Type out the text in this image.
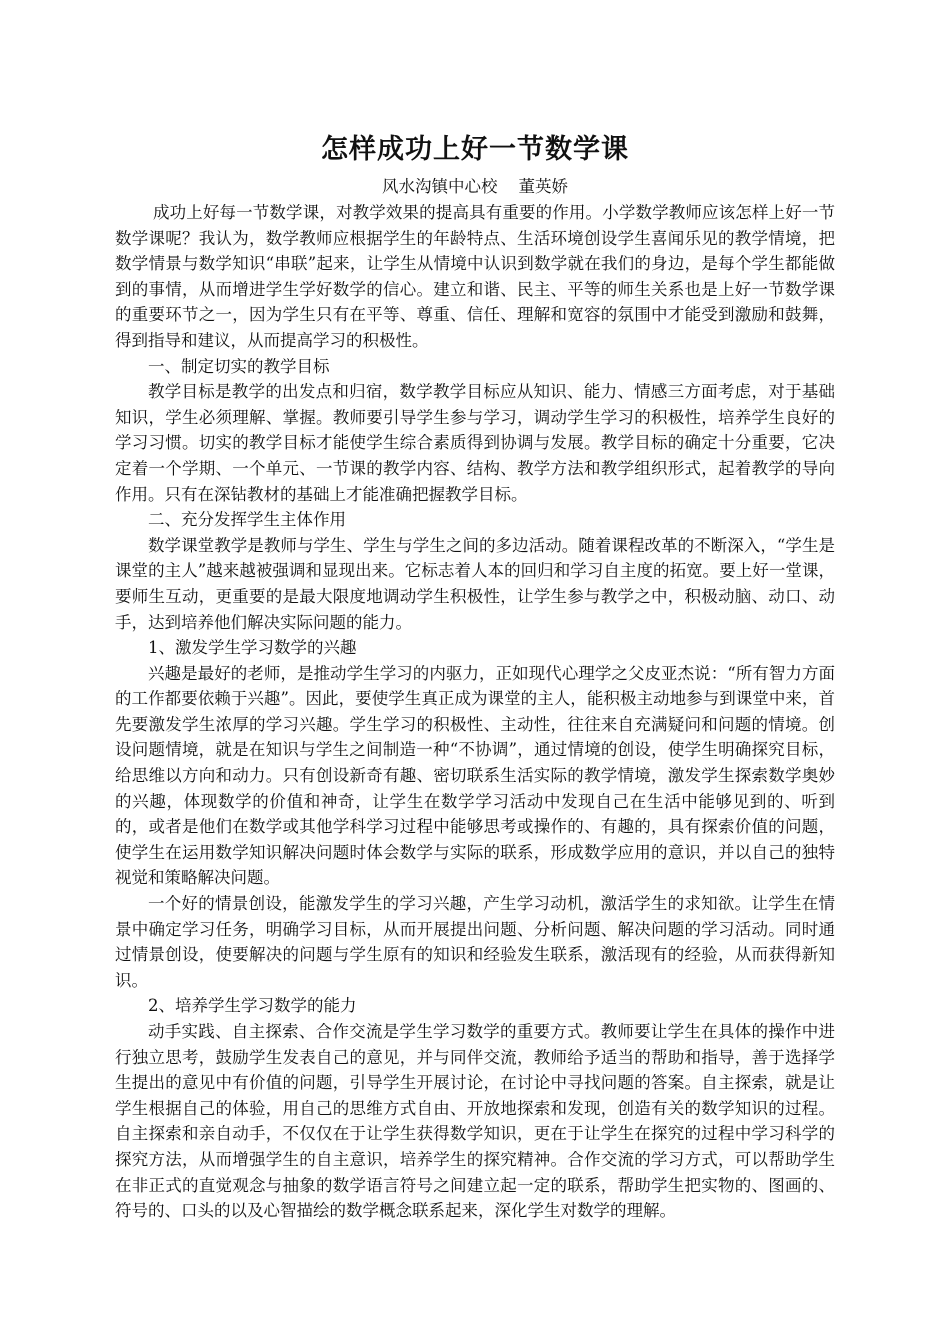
怎样成功上好一节数学课

风水沟镇中心校    董英娇

成功上好每一节数学课，对教学效果的提高具有重要的作用。小学数学教师应该怎样上好一节数学课呢？我认为，数学教师应根据学生的年龄特点、生活环境创设学生喜闻乐见的教学情境，把数学情景与数学知识“串联”起来，让学生从情境中认识到数学就在我们的身边，是每个学生都能做到的事情，从而增进学生学好数学的信心。建立和谐、民主、平等的师生关系也是上好一节数学课的重要环节之一，因为学生只有在平等、尊重、信任、理解和宽容的氛围中才能受到激励和鼓舞，得到指导和建议，从而提高学习的积极性。

一、制定切实的教学目标

教学目标是教学的出发点和归宿，数学教学目标应从知识、能力、情感三方面考虑，对于基础知识，学生必须理解、掌握。教师要引导学生参与学习，调动学生学习的积极性，培养学生良好的学习习惯。切实的教学目标才能使学生综合素质得到协调与发展。教学目标的确定十分重要，它决定着一个学期、一个单元、一节课的教学内容、结构、教学方法和教学组织形式，起着教学的导向作用。只有在深钻教材的基础上才能准确把握教学目标。

二、充分发挥学生主体作用

数学课堂教学是教师与学生、学生与学生之间的多边活动。随着课程改革的不断深入，“学生是课堂的主人”越来越被强调和显现出来。它标志着人本的回归和学习自主度的拓宽。要上好一堂课，要师生互动，更重要的是最大限度地调动学生积极性，让学生参与教学之中，积极动脑、动口、动手，达到培养他们解决实际问题的能力。

1、激发学生学习数学的兴趣

兴趣是最好的老师，是推动学生学习的内驱力，正如现代心理学之父皮亚杰说：“所有智力方面的工作都要依赖于兴趣”。因此，要使学生真正成为课堂的主人，能积极主动地参与到课堂中来，首先要激发学生浓厚的学习兴趣。学生学习的积极性、主动性，往往来自充满疑问和问题的情境。创设问题情境，就是在知识与学生之间制造一种“不协调”，通过情境的创设，使学生明确探究目标，给思维以方向和动力。只有创设新奇有趣、密切联系生活实际的教学情境，激发学生探索数学奥妙的兴趣，体现数学的价值和神奇，让学生在数学学习活动中发现自己在生活中能够见到的、听到的，或者是他们在数学或其他学科学习过程中能够思考或操作的、有趣的，具有探索价值的问题，使学生在运用数学知识解决问题时体会数学与实际的联系，形成数学应用的意识，并以自己的独特视觉和策略解决问题。

一个好的情景创设，能激发学生的学习兴趣，产生学习动机，激活学生的求知欲。让学生在情景中确定学习任务，明确学习目标，从而开展提出问题、分析问题、解决问题的学习活动。同时通过情景创设，使要解决的问题与学生原有的知识和经验发生联系，激活现有的经验，从而获得新知识。

2、培养学生学习数学的能力

动手实践、自主探索、合作交流是学生学习数学的重要方式。教师要让学生在具体的操作中进行独立思考，鼓励学生发表自己的意见，并与同伴交流，教师给予适当的帮助和指导，善于选择学生提出的意见中有价值的问题，引导学生开展讨论，在讨论中寻找问题的答案。自主探索，就是让学生根据自己的体验，用自己的思维方式自由、开放地探索和发现，创造有关的数学知识的过程。自主探索和亲自动手，不仅仅在于让学生获得数学知识，更在于让学生在探究的过程中学习科学的探究方法，从而增强学生的自主意识，培养学生的探究精神。合作交流的学习方式，可以帮助学生在非正式的直觉观念与抽象的数学语言符号之间建立起一定的联系，帮助学生把实物的、图画的、符号的、口头的以及心智描绘的数学概念联系起来，深化学生对数学的理解。
